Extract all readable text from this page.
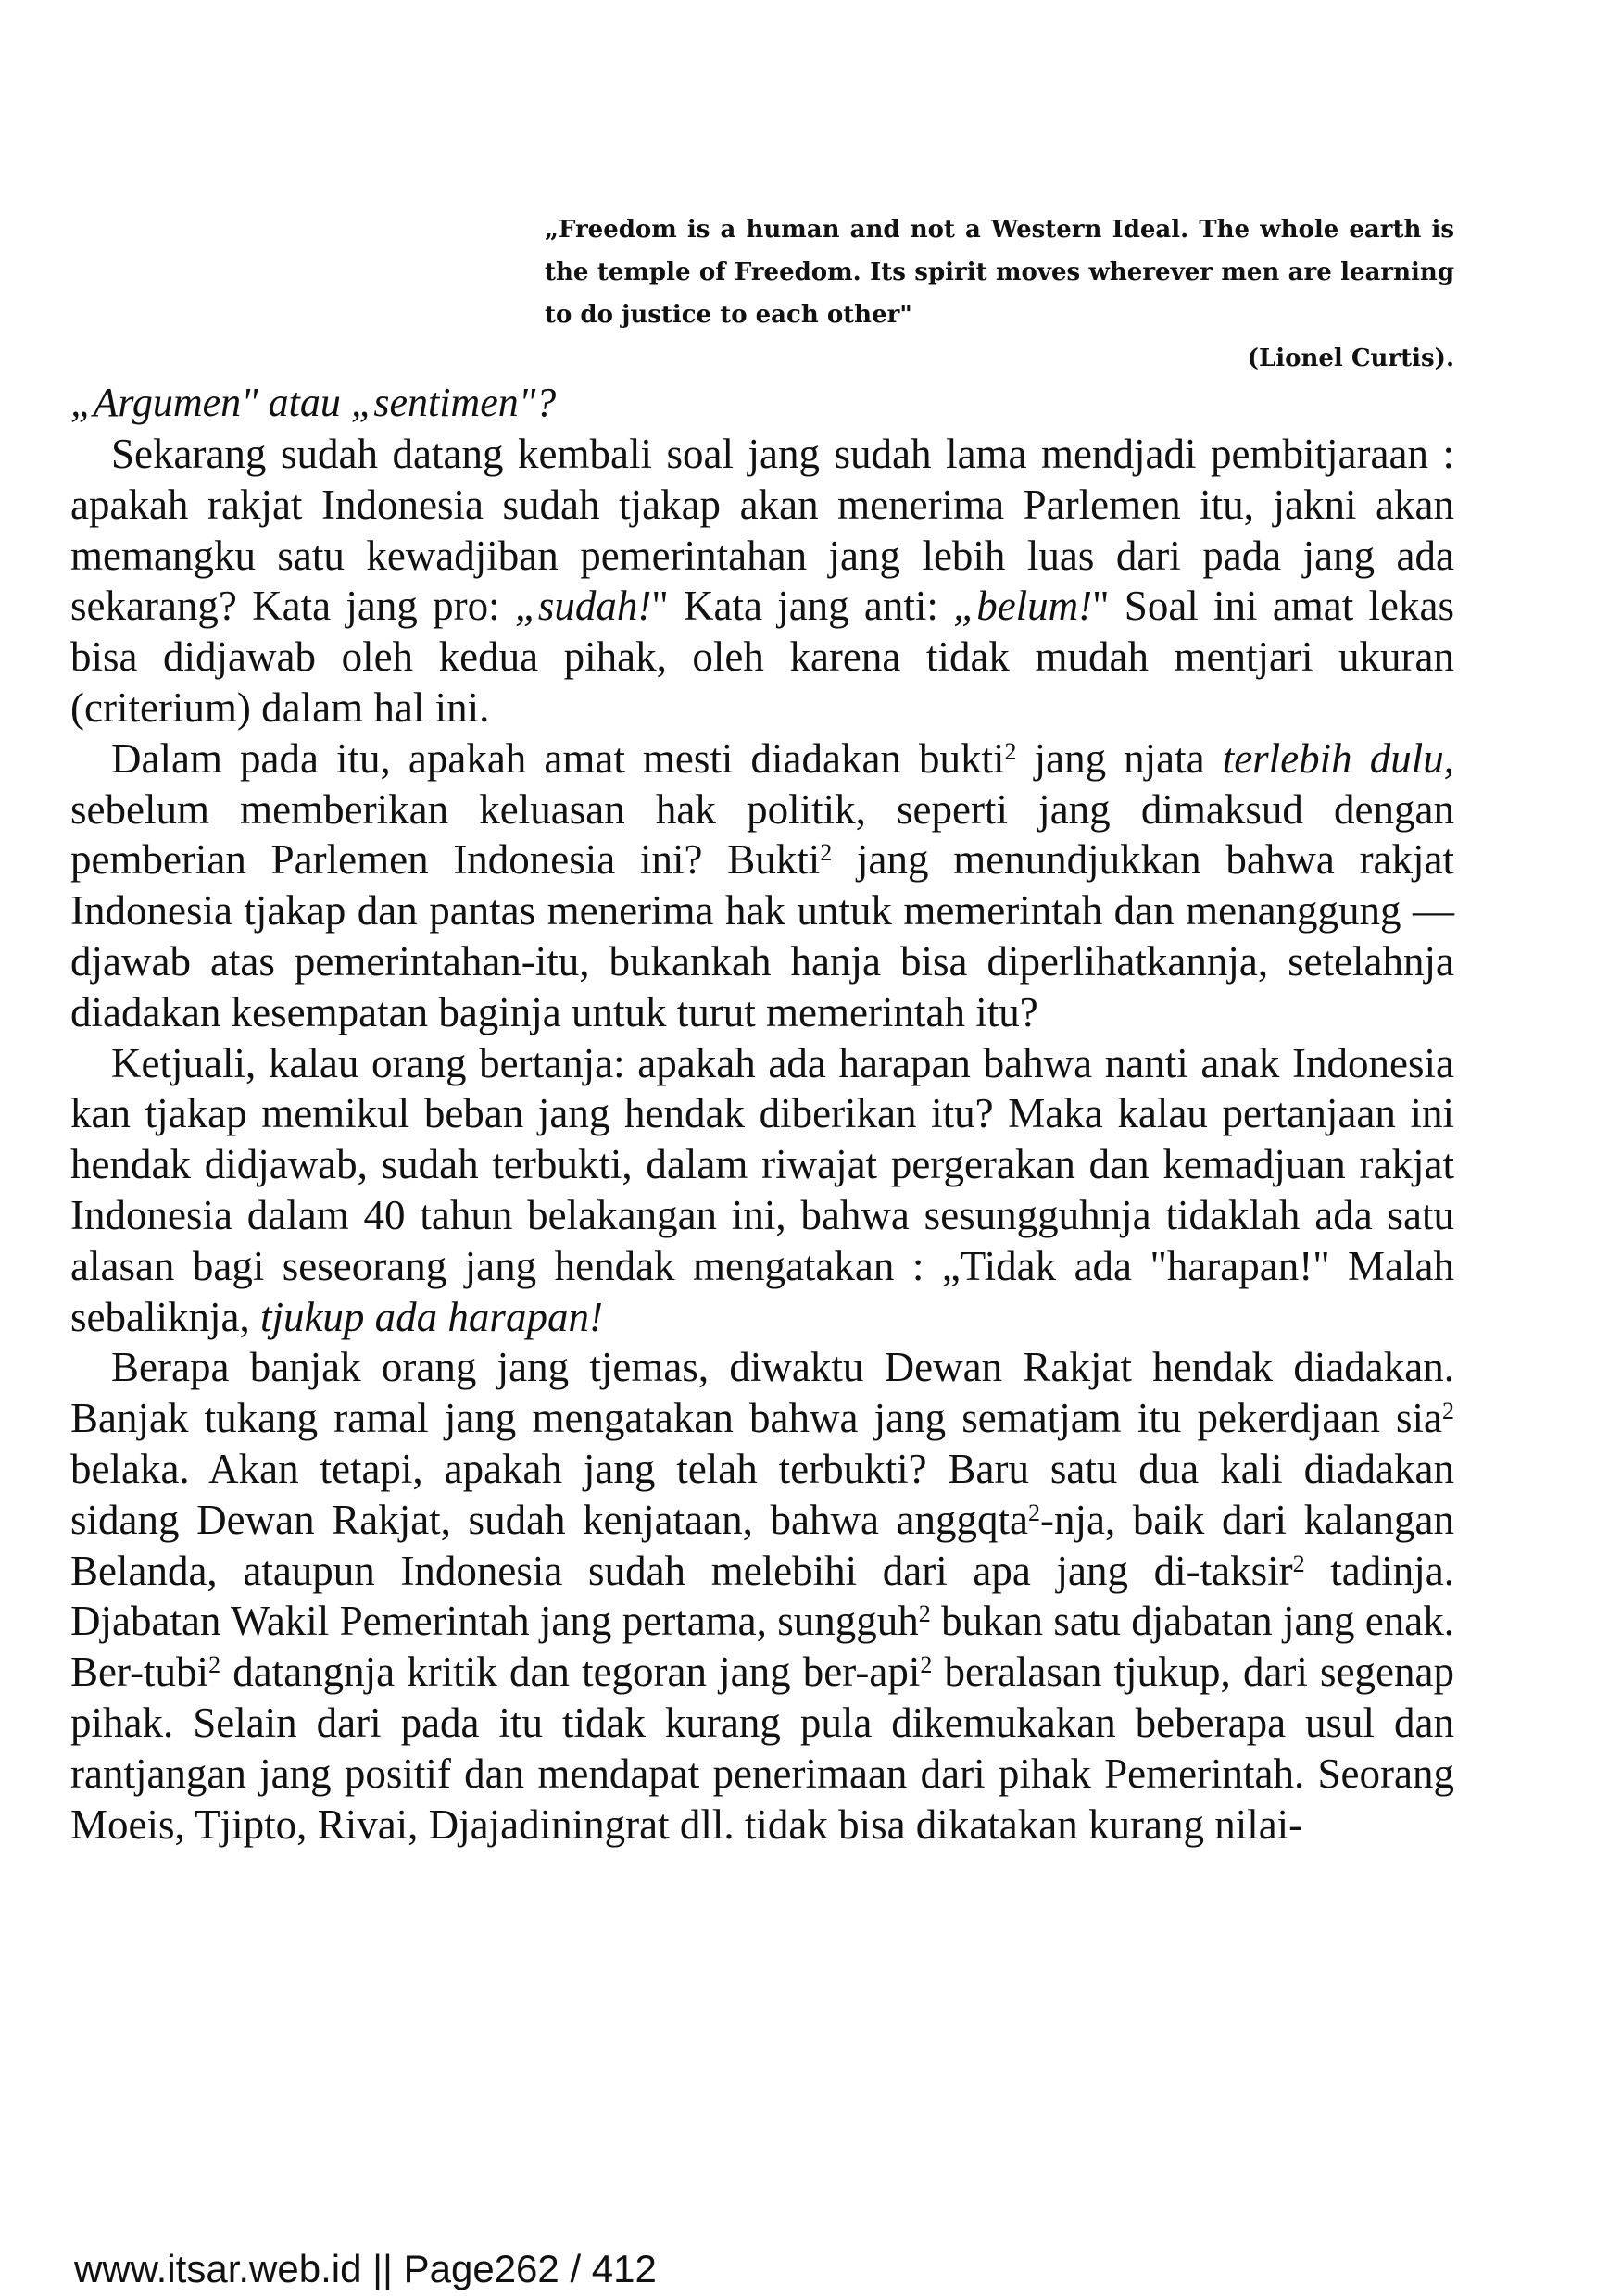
„Freedom is a human and not a Western Ideal. The whole earth is the temple of Freedom. Its spirit moves wherever men are learning to do justice to each other"
(Lionel Curtis).
„Argumen" atau „sentimen"?

Sekarang sudah datang kembali soal jang sudah lama mendjadi pembitjaraan : apakah rakjat Indonesia sudah tjakap akan menerima Parlemen itu, jakni akan memangku satu kewadjiban pemerintahan jang lebih luas dari pada jang ada sekarang? Kata jang pro: „sudah!" Kata jang anti: „belum!" Soal ini amat lekas bisa didjawab oleh kedua pihak, oleh karena tidak mudah mentjari ukuran (criterium) dalam hal ini.

Dalam pada itu, apakah amat mesti diadakan bukti$^2$ jang njata terlebih dulu, sebelum memberikan keluasan hak politik, seperti jang dimaksud dengan pemberian Parlemen Indonesia ini? Bukti$^2$ jang menundjukkan bahwa rakjat Indonesia tjakap dan pantas menerima hak untuk memerintah dan menanggung — djawab atas pemerintahan-itu, bukankah hanja bisa diperlihatkannja, setelahnja diadakan kesempatan baginja untuk turut memerintah itu?

Ketjuali, kalau orang bertanja: apakah ada harapan bahwa nanti anak Indonesia kan tjakap memikul beban jang hendak diberikan itu? Maka kalau pertanjaan ini hendak didjawab, sudah terbukti, dalam riwajat pergerakan dan kemadjuan rakjat Indonesia dalam 40 tahun belakangan ini, bahwa sesungguhnja tidaklah ada satu alasan bagi seseorang jang hendak mengatakan : „Tidak ada "harapan!" Malah sebaliknja, tjukup ada harapan!

Berapa banjak orang jang tjemas, diwaktu Dewan Rakjat hendak diadakan. Banjak tukang ramal jang mengatakan bahwa jang sematjam itu pekerdjaan sia$^2$ belaka. Akan tetapi, apakah jang telah terbukti? Baru satu dua kali diadakan sidang Dewan Rakjat, sudah kenjataan, bahwa anggqta$^2$-nja, baik dari kalangan Belanda, ataupun Indonesia sudah melebihi dari apa jang di-taksir$^2$ tadinja. Djabatan Wakil Pemerintah jang pertama, sungguh$^2$ bukan satu djabatan jang enak. Ber-tubi$^2$ datangnja kritik dan tegoran jang ber-api$^2$ beralasan tjukup, dari segenap pihak. Selain dari pada itu tidak kurang pula dikemukakan beberapa usul dan rantjangan jang positif dan mendapat penerimaan dari pihak Pemerintah. Seorang Moeis, Tjipto, Rivai, Djajadiningrat dll. tidak bisa dikatakan kurang nilai-

www.itsar.web.id || Page262 / 412
